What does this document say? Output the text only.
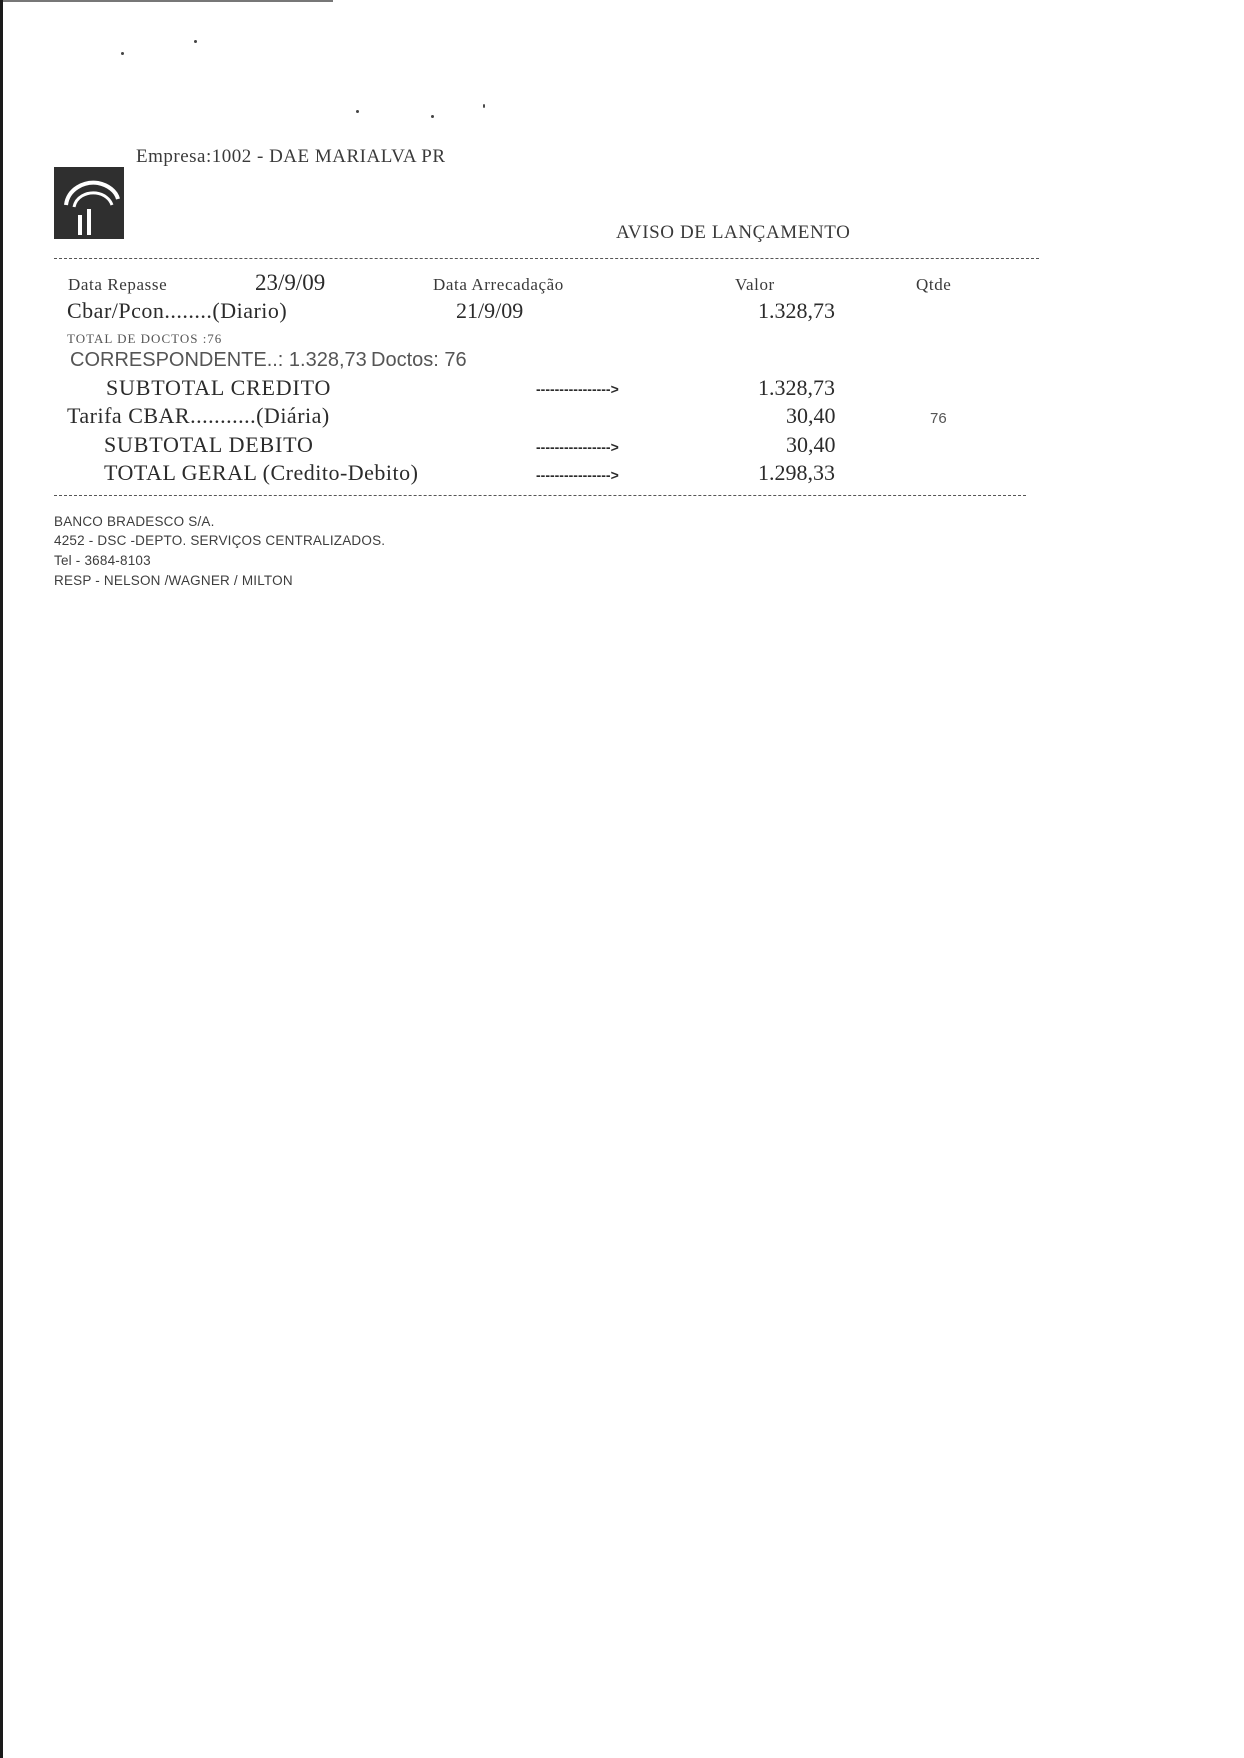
Empresa:1002 - DAE MARIALVA PR
AVISO DE LANÇAMENTO
Data Repasse	23/9/09	Data Arrecadação	Valor	Qtde
Cbar/Pcon........(Diario)	21/9/09	1.328,73
TOTAL DE DOCTOS :76
CORRESPONDENTE..: 1.328,73 Doctos: 76
SUBTOTAL CREDITO	---------------->	1.328,73
Tarifa CBAR...........(Diária)	30,40	76
SUBTOTAL DEBITO	---------------->	30,40
TOTAL GERAL (Credito-Debito)	---------------->	1.298,33
BANCO BRADESCO S/A.
4252 - DSC -DEPTO. SERVIÇOS CENTRALIZADOS.
Tel - 3684-8103
RESP - NELSON /WAGNER / MILTON
